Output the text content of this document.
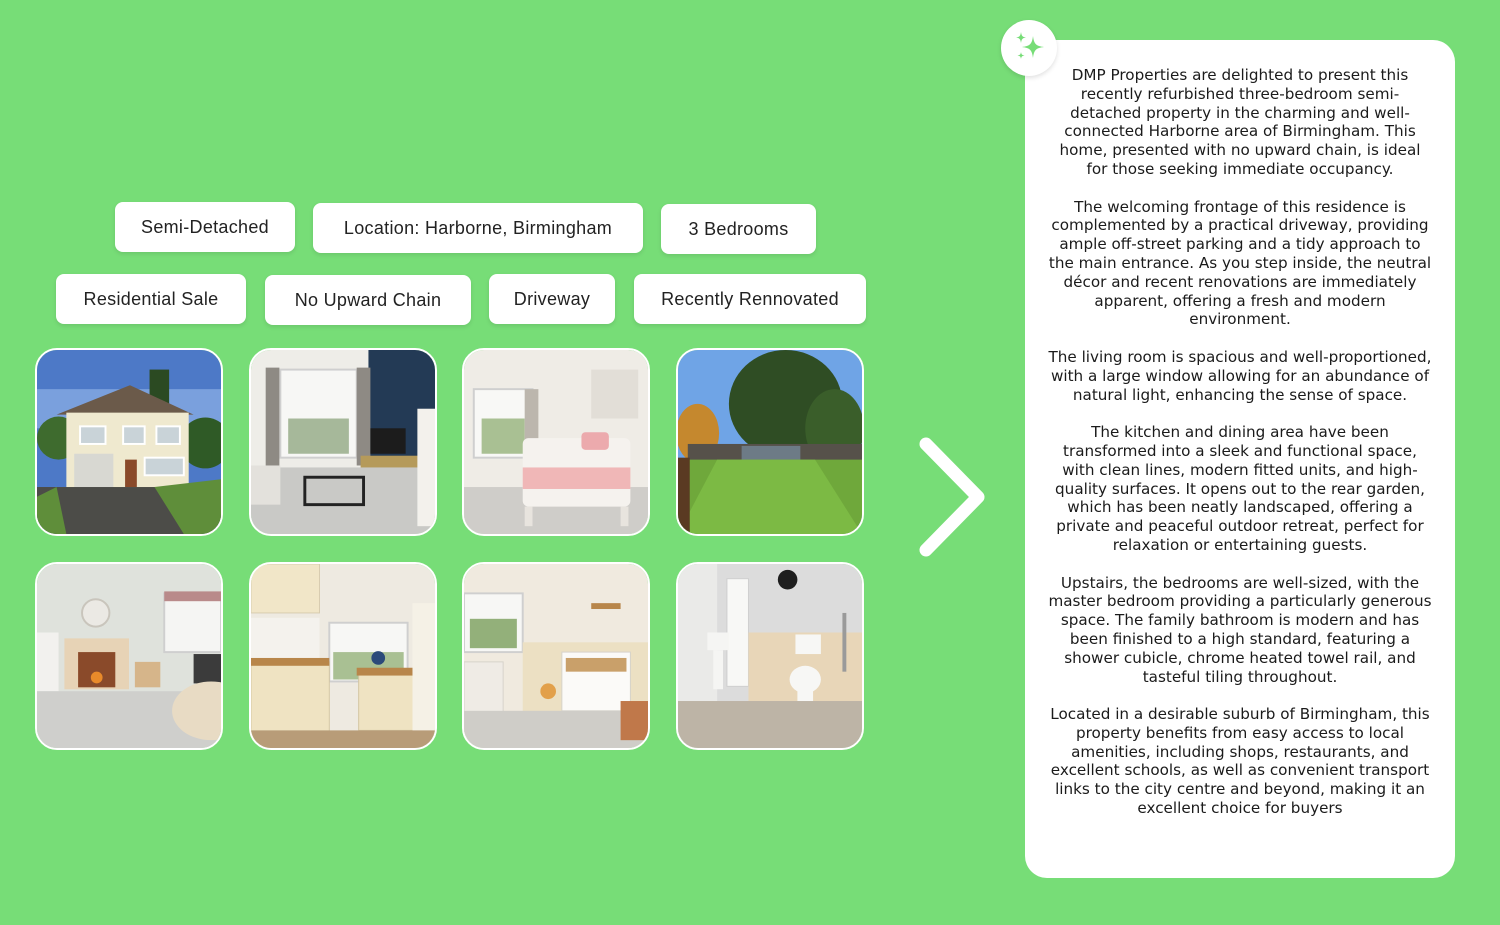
Semi-Detached	Location: Harborne, Birmingham	3 Bedrooms
Residential Sale	No Upward Chain	Driveway	Recently Rennovated

DMP Properties are delighted to present this recently refurbished three-bedroom semi-detached property in the charming and well-connected Harborne area of Birmingham. This home, presented with no upward chain, is ideal for those seeking immediate occupancy.

The welcoming frontage of this residence is complemented by a practical driveway, providing ample off-street parking and a tidy approach to the main entrance. As you step inside, the neutral décor and recent renovations are immediately apparent, offering a fresh and modern environment.

The living room is spacious and well-proportioned, with a large window allowing for an abundance of natural light, enhancing the sense of space.

The kitchen and dining area have been transformed into a sleek and functional space, with clean lines, modern fitted units, and high-quality surfaces. It opens out to the rear garden, which has been neatly landscaped, offering a private and peaceful outdoor retreat, perfect for relaxation or entertaining guests.

Upstairs, the bedrooms are well-sized, with the master bedroom providing a particularly generous space. The family bathroom is modern and has been finished to a high standard, featuring a shower cubicle, chrome heated towel rail, and tasteful tiling throughout.

Located in a desirable suburb of Birmingham, this property benefits from easy access to local amenities, including shops, restaurants, and excellent schools, as well as convenient transport links to the city centre and beyond, making it an excellent choice for buyers
